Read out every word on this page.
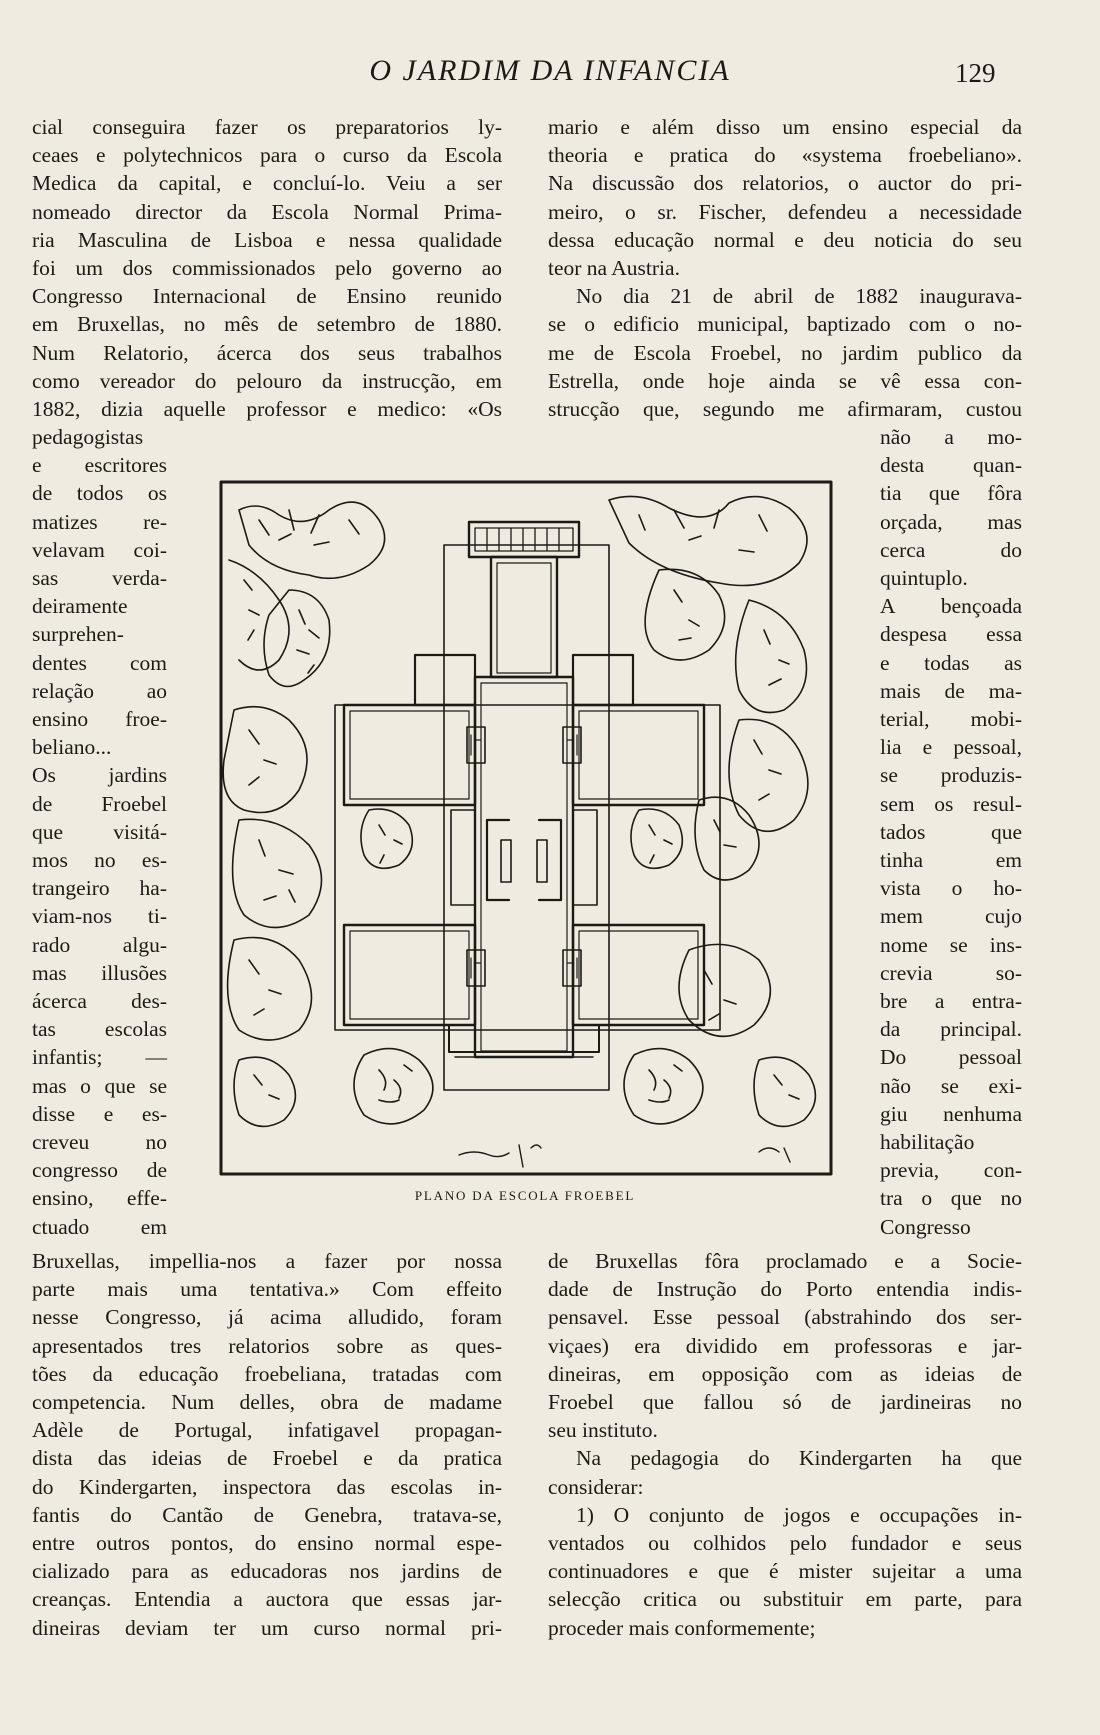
O JARDIM DA INFANCIA	129
cial conseguira fazer os preparatorios ly-
ceaes e polytechnicos para o curso da Escola
Medica da capital, e concluí-lo. Veiu a ser
nomeado director da Escola Normal Prima-
ria Masculina de Lisboa e nessa qualidade
foi um dos commissionados pelo governo ao
Congresso Internacional de Ensino reunido
em Bruxellas, no mês de setembro de 1880.
Num Relatorio, ácerca dos seus trabalhos
como vereador do pelouro da instrucção, em
1882, dizia aquelle professor e medico: «Os
pedagogistas
e escritores
de todos os
matizes re-
velavam coi-
sas verda-
deiramente
surprehen-
dentes com
relação ao
ensino froe-
beliano...
Os jardins
de Froebel
que visitá-
mos no es-
trangeiro ha-
viam-nos ti-
rado algu-
mas illusões
ácerca des-
tas escolas
infantis; —
mas o que se
disse e es-
creveu no
congresso de
ensino, effe-
ctuado em
Bruxellas, impellia-nos a fazer por nossa
parte mais uma tentativa.» Com effeito
nesse Congresso, já acima alludido, foram
apresentados tres relatorios sobre as ques-
tões da educação froebeliana, tratadas com
competencia. Num delles, obra de madame
Adèle de Portugal, infatigavel propagan-
dista das ideias de Froebel e da pratica
do Kindergarten, inspectora das escolas in-
fantis do Cantão de Genebra, tratava-se,
entre outros pontos, do ensino normal espe-
cializado para as educadoras nos jardins de
creanças. Entendia a auctora que essas jar-
dineiras deviam ter um curso normal pri-
mario e além disso um ensino especial da
theoria e pratica do «systema froebeliano».
Na discussão dos relatorios, o auctor do pri-
meiro, o sr. Fischer, defendeu a necessidade
dessa educação normal e deu noticia do seu
teor na Austria.
No dia 21 de abril de 1882 inaugurava-
se o edificio municipal, baptizado com o no-
me de Escola Froebel, no jardim publico da
Estrella, onde hoje ainda se vê essa con-
strucção que, segundo me afirmaram, custou
não a mo-
desta quan-
tia que fôra
orçada, mas
cerca do
quintuplo.
A bençoada
despesa essa
e todas as
mais de ma-
terial, mobi-
lia e pessoal,
se produzis-
sem os resul-
tados que
tinha em
vista o ho-
mem cujo
nome se ins-
crevia so-
bre a entra-
da principal.
Do pessoal
não se exi-
giu nenhuma
habilitação
previa, con-
tra o que no
Congresso
de Bruxellas fôra proclamado e a Socie-
dade de Instrução do Porto entendia indis-
pensavel. Esse pessoal (abstrahindo dos ser-
viçaes) era dividido em professoras e jar-
dineiras, em opposição com as ideias de
Froebel que fallou só de jardineiras no
seu instituto.
Na pedagogia do Kindergarten ha que
considerar:
1) O conjunto de jogos e occupações in-
ventados ou colhidos pelo fundador e seus
continuadores e que é mister sujeitar a uma
selecção critica ou substituir em parte, para
proceder mais conformemente;
PLANO DA ESCOLA FROEBEL
